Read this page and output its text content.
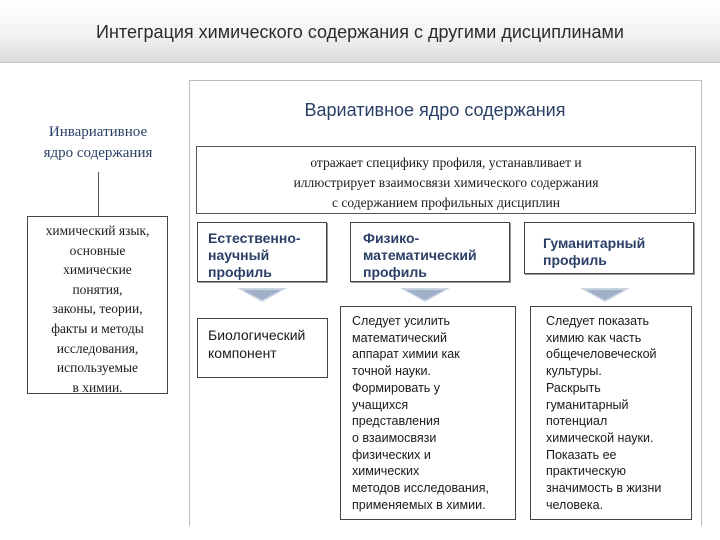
Интеграция химического содержания с другими дисциплинами
Инвариативное
ядро содержания
химический язык,
основные
химические
понятия,
законы, теории,
факты и методы
исследования,
используемые
в химии.
Вариативное ядро содержания
отражает специфику профиля, устанавливает и
иллюстрирует взаимосвязи химического содержания
с содержанием профильных дисциплин
Естественно-
научный
профиль
Физико-
математический
профиль
Гуманитарный
профиль
Биологический
компонент
Следует усилить
математический
аппарат химии как
точной науки.
Формировать у
учащихся
представления
о взаимосвязи
физических и
химических
методов исследования,
применяемых в химии.
Следует показать
химию как часть
общечеловеческой
культуры.
Раскрыть
гуманитарный
потенциал
химической науки.
Показать ее
практическую
значимость в жизни
человека.
